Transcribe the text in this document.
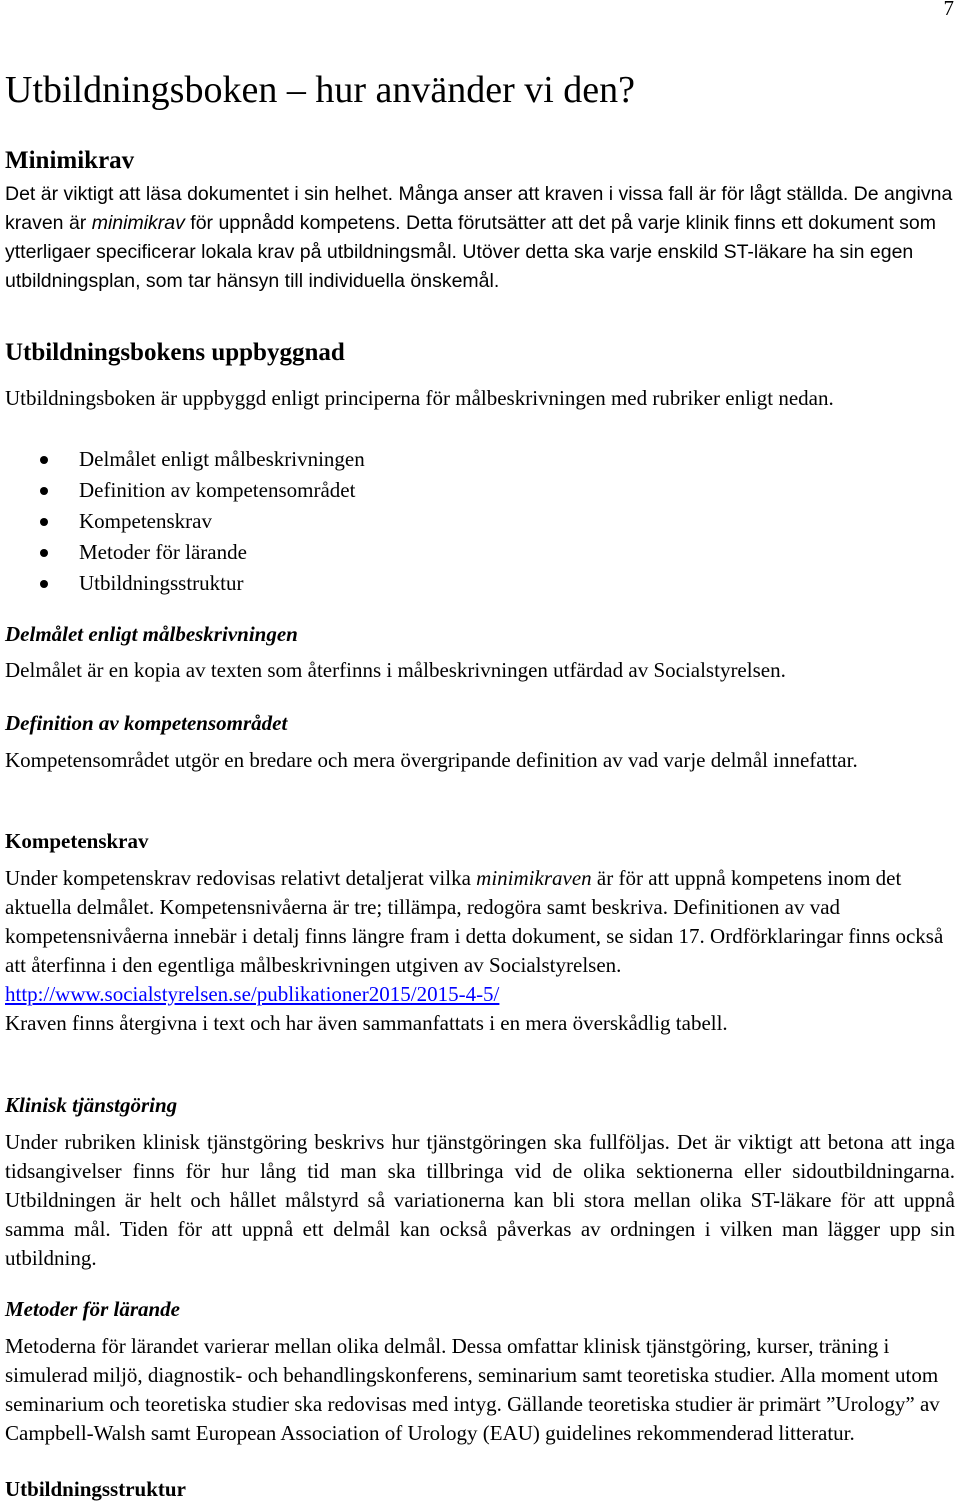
7
Utbildningsboken – hur använder vi den?
Minimikrav

Det är viktigt att läsa dokumentet i sin helhet. Många anser att kraven i vissa fall är för lågt ställda. De angivna kraven är minimikrav för uppnådd kompetens. Detta förutsätter att det på varje klinik finns ett dokument som ytterligaer specificerar lokala krav på utbildningsmål. Utöver detta ska varje enskild ST-läkare ha sin egen utbildningsplan, som tar hänsyn till individuella önskemål.

Utbildningsbokens uppbyggnad

Utbildningsboken är uppbyggd enligt principerna för målbeskrivningen med rubriker enligt nedan.

Delmålet enligt målbeskrivningen
Definition av kompetensområdet
Kompetenskrav
Metoder för lärande
Utbildningsstruktur
Delmålet enligt målbeskrivningen

Delmålet är en kopia av texten som återfinns i målbeskrivningen utfärdad av Socialstyrelsen.

Definition av kompetensområdet

Kompetensområdet utgör en bredare och mera övergripande definition av vad varje delmål innefattar.

Kompetenskrav

Under kompetenskrav redovisas relativt detaljerat vilka minimikraven är för att uppnå kompetens inom det aktuella delmålet. Kompetensnivåerna är tre; tillämpa, redogöra samt beskriva. Definitionen av vad kompetensnivåerna innebär i detalj finns längre fram i detta dokument, se sidan 17. Ordförklaringar finns också att återfinna i den egentliga målbeskrivningen utgiven av Socialstyrelsen.
http://www.socialstyrelsen.se/publikationer2015/2015-4-5/
Kraven finns återgivna i text och har även sammanfattats i en mera överskådlig tabell.

Klinisk tjänstgöring

Under rubriken klinisk tjänstgöring beskrivs hur tjänstgöringen ska fullföljas. Det är viktigt att betona att inga tidsangivelser finns för hur lång tid man ska tillbringa vid de olika sektionerna eller sidoutbildningarna. Utbildningen är helt och hållet målstyrd så variationerna kan bli stora mellan olika ST-läkare för att uppnå samma mål. Tiden för att uppnå ett delmål kan också påverkas av ordningen i vilken man lägger upp sin utbildning.

Metoder för lärande

Metoderna för lärandet varierar mellan olika delmål. Dessa omfattar klinisk tjänstgöring, kurser, träning i simulerad miljö, diagnostik- och behandlingskonferens, seminarium samt teoretiska studier. Alla moment utom seminarium och teoretiska studier ska redovisas med intyg. Gällande teoretiska studier är primärt ”Urology” av Campbell-Walsh samt European Association of Urology (EAU) guidelines rekommenderad litteratur.

Utbildningsstruktur
